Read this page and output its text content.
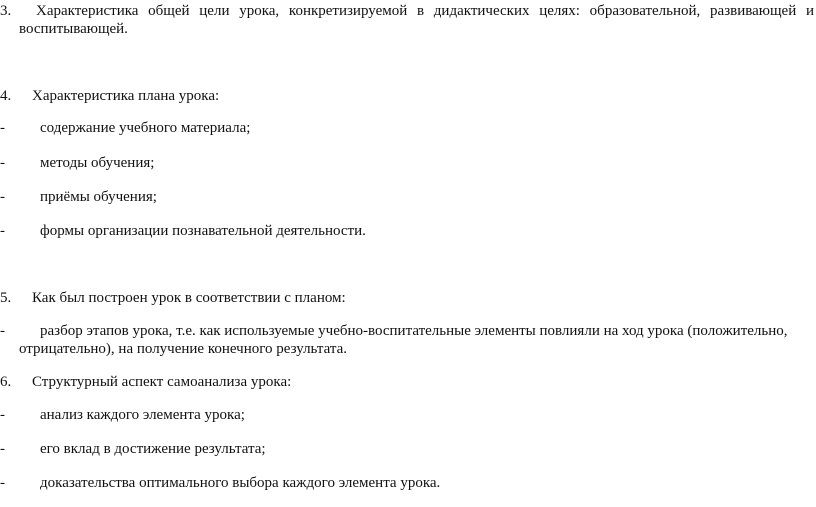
3. Характеристика общей цели урока, конкретизируемой в дидактических целях: образовательной, развивающей и
воспитывающей.
4. Характеристика плана урока:
- содержание учебного материала;
- методы обучения;
- приёмы обучения;
- формы организации познавательной деятельности.
5. Как был построен урок в соответствии с планом:
- разбор этапов урока, т.е. как используемые учебно-воспитательные элементы повлияли на ход урока (положительно,
отрицательно), на получение конечного результата.
6. Структурный аспект самоанализа урока:
- анализ каждого элемента урока;
- его вклад в достижение результата;
- доказательства оптимального выбора каждого элемента урока.
